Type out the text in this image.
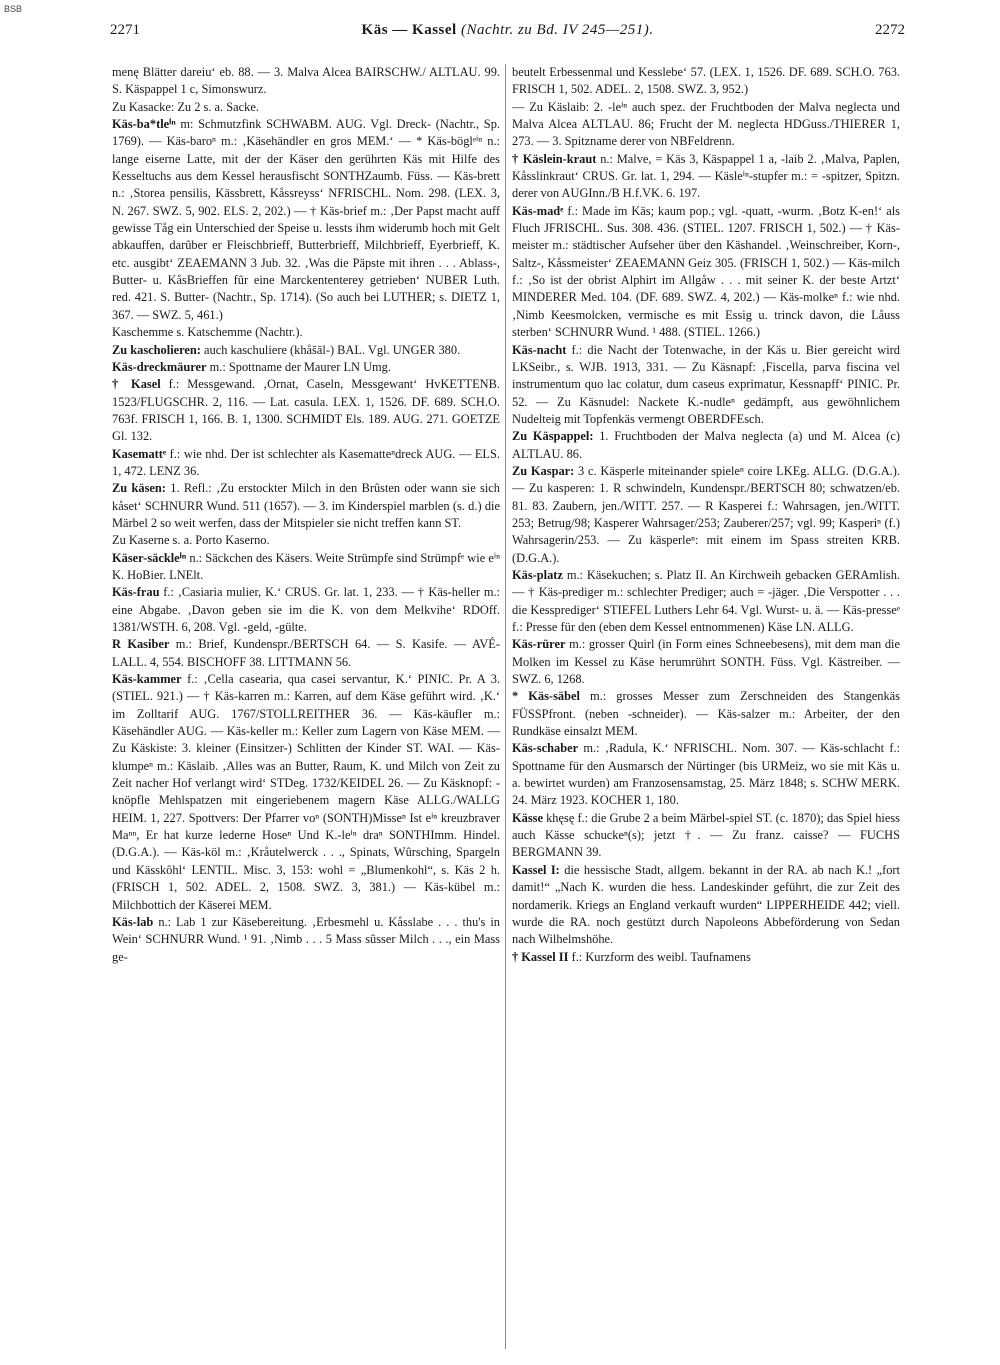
BSB
2271	Käs — Kassel (Nachtr. zu Bd. IV 245—251).	2272

menę Blätter dareiu‘ eb. 88. — 3. Malva Alcea BAIRSCHW./ ALTLAU. 99. S. Käspappel 1 c, Simonswurz.

Zu Kasacke: Zu 2 s. a. Sacke.

Käs-ba*tleⁱⁿ m: Schmutzfink SCHWABM. AUG. Vgl. Dreck- (Nachtr., Sp. 1769). — Käs-baroⁿ m.: ‚Käsehändler en gros MEM.‘ — * Käs-böglᵉⁱⁿ n.: lange eiserne Latte, mit der der Käser den gerührten Käs mit Hilfe des Kesseltuchs aus dem Kessel herausfischt SONTHZaumb. Füss. — Käs-brett n.: ‚Storea pensilis, Kässbrett, Kåssreyss‘ NFRISCHL. Nom. 298. (LEX. 3, N. 267. SWZ. 5, 902. ELS. 2, 202.) — † Käs-brief m.: ‚Der Papst macht auff gewisse Tåg ein Unterschied der Speise u. lessts ihm widerumb hoch mit Gelt abkauffen, darûber er Fleischbrieff, Butterbrieff, Milchbrieff, Eyerbrieff, K. etc. ausgibt‘ ZEAEMANN 3 Jub. 32. ‚Was die Päpste mit ihren . . . Ablass-, Butter- u. KåsBrieffen fûr eine Marckententerey getrieben‘ NUBER Luth. red. 421. S. Butter- (Nachtr., Sp. 1714). (So auch bei LUTHER; s. DIETZ 1, 367. — SWZ. 5, 461.)

Kaschemme s. Katschemme (Nachtr.).

Zu kascholieren: auch kaschuliere (khåšāl-) BAL. Vgl. UNGER 380.

Käs-dreckmäurer m.: Spottname der Maurer LN Umg.

† Kasel f.: Messgewand. ‚Ornat, Caseln, Messgewant‘ HvKETTENB. 1523/FLUGSCHR. 2, 116. — Lat. casula. LEX. 1, 1526. DF. 689. SCH.O. 763f. FRISCH 1, 166. B. 1, 1300. SCHMIDT Els. 189. AUG. 271. GOETZE Gl. 132.

Kasemattᵉ f.: wie nhd. Der ist schlechter als Kasematteⁿdreck AUG. — ELS. 1, 472. LENZ 36.

Zu käsen: 1. Refl.: ‚Zu erstockter Milch in den Brûsten oder wann sie sich kåset‘ SCHNURR Wund. 511 (1657). — 3. im Kinderspiel marblen (s. d.) die Märbel 2 so weit werfen, dass der Mitspieler sie nicht treffen kann ST.

Zu Kaserne s. a. Porto Kaserno.

Käser-säckleⁱⁿ n.: Säckchen des Käsers. Weite Strümpfe sind Strümpfᵉ wie eⁱⁿ K. HoBier. LNElt.

Käs-frau f.: ‚Casiaria mulier, K.‘ CRUS. Gr. lat. 1, 233. — † Käs-heller m.: eine Abgabe. ‚Davon geben sie im die K. von dem Melkvihe‘ RDOff. 1381/WSTH. 6, 208. Vgl. -geld, -gülte.

R Kasiber m.: Brief, Kundenspr./BERTSCH 64. — S. Kasife. — AVÉ-LALL. 4, 554. BISCHOFF 38. LITTMANN 56.

Käs-kammer f.: ‚Cella casearia, qua casei servantur, K.‘ PINIC. Pr. A 3. (STIEL. 921.) — † Käs-karren m.: Karren, auf dem Käse geführt wird. ‚K.‘ im Zolltarif AUG. 1767/STOLLREITHER 36. — Käs-käufler m.: Käsehändler AUG. — Käs-keller m.: Keller zum Lagern von Käse MEM. — Zu Käskiste: 3. kleiner (Einsitzer-) Schlitten der Kinder ST. WAI. — Käs-klumpeⁿ m.: Käslaib. ‚Alles was an Butter, Raum, K. und Milch von Zeit zu Zeit nacher Hof verlangt wird‘ STDeg. 1732/KEIDEL 26. — Zu Käsknopf: -knöpfle Mehlspatzen mit eingeriebenem magern Käse ALLG./WALLG HEIM. 1, 227. Spottvers: Der Pfarrer voⁿ (SONTH)Misseⁿ Ist eⁱⁿ kreuzbraver Maⁿⁿ, Er hat kurze lederne Hoseⁿ Und K.-leⁱⁿ draⁿ SONTHImm. Hindel. (D.G.A.). — Käs-köl m.: ‚Kråutelwerck . . ., Spinats, Wûrsching, Spargeln und Kässkôhl‘ LENTIL. Misc. 3, 153: wohl = „Blumenkohl“, s. Käs 2 h. (FRISCH 1, 502. ADEL. 2, 1508. SWZ. 3, 381.) — Käs-kübel m.: Milchbottich der Käserei MEM.

Käs-lab n.: Lab 1 zur Käsebereitung. ‚Erbesmehl u. Kåsslabe . . . thu's in Wein‘ SCHNURR Wund. ¹ 91. ‚Nimb . . . 5 Mass sûsser Milch . . ., ein Mass ge-

beutelt Erbessenmal und Kesslebe‘ 57. (LEX. 1, 1526. DF. 689. SCH.O. 763. FRISCH 1, 502. ADEL. 2, 1508. SWZ. 3, 952.)

— Zu Käslaib: 2. -leⁱⁿ auch spez. der Fruchtboden der Malva neglecta und Malva Alcea ALTLAU. 86; Frucht der M. neglecta HDGuss./THIERER 1, 273. — 3. Spitzname derer von NBFeldrenn.

† Käslein-kraut n.: Malve, = Käs 3, Käspappel 1 a, -laib 2. ‚Malva, Paplen, Kåsslinkraut‘ CRUS. Gr. lat. 1, 294. — Käsleⁱⁿ-stupfer m.: = -spitzer, Spitzn. derer von AUGInn./B H.f.VK. 6. 197.

Käs-madᵉ f.: Made im Käs; kaum pop.; vgl. -quatt, -wurm. ‚Botz K-en!‘ als Fluch JFRISCHL. Sus. 308. 436. (STIEL. 1207. FRISCH 1, 502.) — † Käs-meister m.: städtischer Aufseher über den Käshandel. ‚Weinschreiber, Korn-, Saltz-, Kåssmeister‘ ZEAEMANN Geiz 305. (FRISCH 1, 502.) — Käs-milch f.: ‚So ist der obrist Alphirt im Allgåw . . . mit seiner K. der beste Artzt‘ MINDERER Med. 104. (DF. 689. SWZ. 4, 202.) — Käs-molkeⁿ f.: wie nhd. ‚Nimb Keesmolcken, vermische es mit Essig u. trinck davon, die Låuss sterben‘ SCHNURR Wund. ¹ 488. (STIEL. 1266.)

Käs-nacht f.: die Nacht der Totenwache, in der Käs u. Bier gereicht wird LKSeibr., s. WJB. 1913, 331. — Zu Käsnapf: ‚Fiscella, parva fiscina vel instrumentum quo lac colatur, dum caseus exprimatur, Kessnapff‘ PINIC. Pr. 52. — Zu Käsnudel: Nackete K.-nudleⁿ gedämpft, aus gewöhnlichem Nudelteig mit Topfenkäs vermengt OBERDFEsch.

Zu Käspappel: 1. Fruchtboden der Malva neglecta (a) und M. Alcea (c) ALTLAU. 86.

Zu Kaspar: 3 c. Käsperle miteinander spieleⁿ coire LKEg. ALLG. (D.G.A.). — Zu kasperen: 1. R schwindeln, Kundenspr./BERTSCH 80; schwatzen/eb. 81. 83. Zaubern, jen./WITT. 257. — R Kasperei f.: Wahrsagen, jen./WITT. 253; Betrug/98; Kasperer Wahrsager/253; Zauberer/257; vgl. 99; Kasperiⁿ (f.) Wahrsagerin/253. — Zu käsperleⁿ: mit einem im Spass streiten KRB. (D.G.A.).

Käs-platz m.: Käsekuchen; s. Platz II. An Kirchweih gebacken GERAmlish. — † Käs-prediger m.: schlechter Prediger; auch = -jäger. ‚Die Verspotter . . . die Kessprediger‘ STIEFEL Luthers Lehr 64. Vgl. Wurst- u. ä. — Käs-presseᵉ f.: Presse für den (eben dem Kessel entnommenen) Käse LN. ALLG.

Käs-rürer m.: grosser Quirl (in Form eines Schneebesens), mit dem man die Molken im Kessel zu Käse herumrührt SONTH. Füss. Vgl. Kästreiber. — SWZ. 6, 1268.

* Käs-säbel m.: grosses Messer zum Zerschneiden des Stangenkäs FÜSSPfront. (neben -schneider). — Käs-salzer m.: Arbeiter, der den Rundkäse einsalzt MEM.

Käs-schaber m.: ‚Radula, K.‘ NFRISCHL. Nom. 307. — Käs-schlacht f.: Spottname für den Ausmarsch der Nürtinger (bis URMeiz, wo sie mit Käs u. a. bewirtet wurden) am Franzosensamstag, 25. März 1848; s. SCHW MERK. 24. März 1923. KOCHER 1, 180.

Kässe khęsę f.: die Grube 2 a beim Märbel-spiel ST. (c. 1870); das Spiel hiess auch Kässe schuckeⁿ(s); jetzt †. — Zu franz. caisse? — FUCHS BERGMANN 39.

Kassel I: die hessische Stadt, allgem. bekannt in der RA. ab nach K.! „fort damit!“ „Nach K. wurden die hess. Landeskinder geführt, die zur Zeit des nordamerik. Kriegs an England verkauft wurden“ LIPPERHEIDE 442; viell. wurde die RA. noch gestützt durch Napoleons Abbeförderung von Sedan nach Wilhelmshöhe.

† Kassel II f.: Kurzform des weibl. Taufnamens
